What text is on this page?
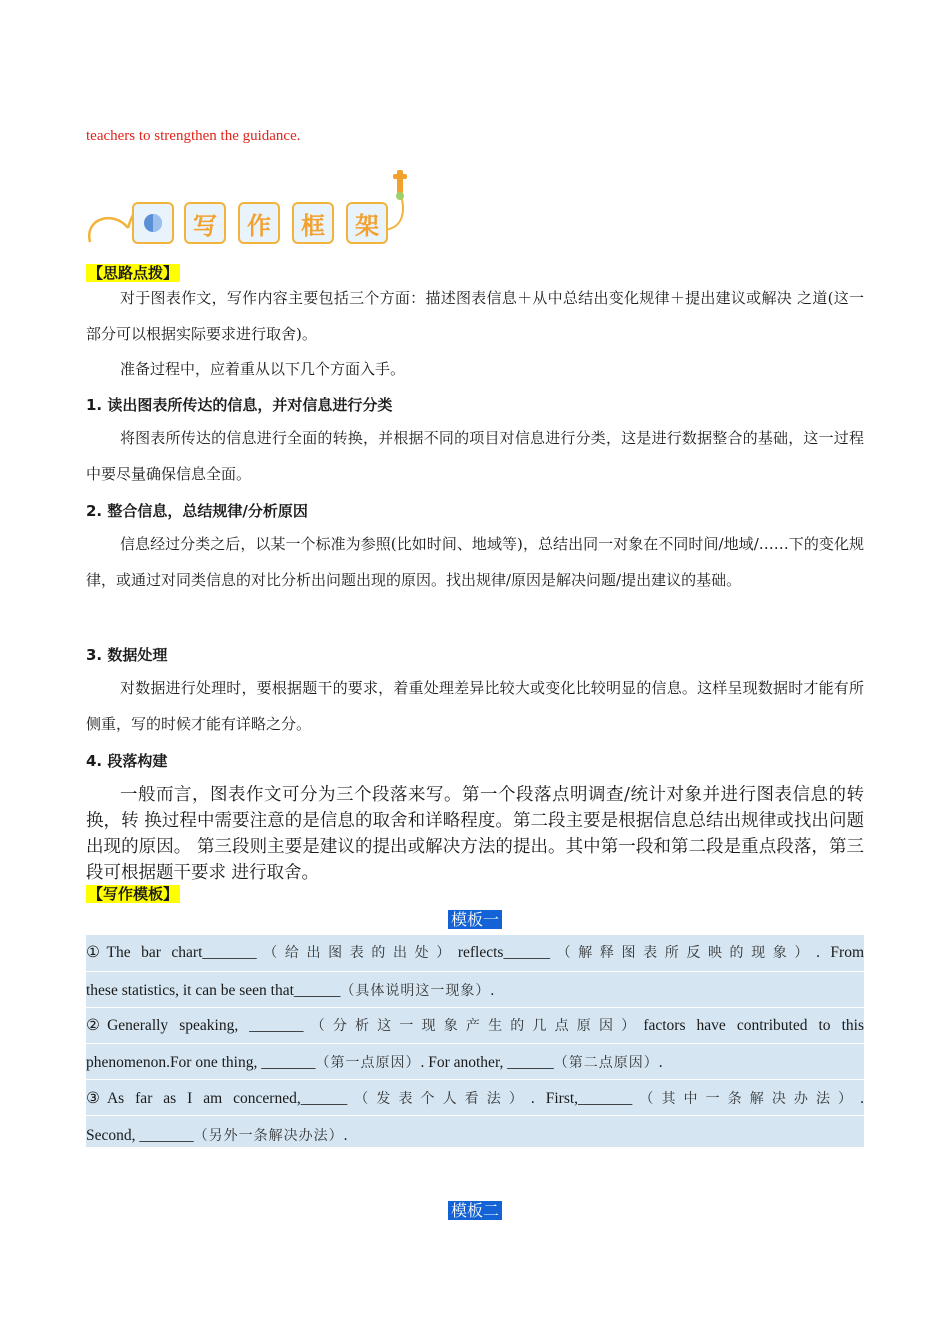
teachers to strengthen the guidance.
写	作	框	架
【思路点拨】
对于图表作文，写作内容主要包括三个方面：描述图表信息＋从中总结出变化规律＋提出建议或解决 之道(这一部分可以根据实际要求进行取舍)。
准备过程中，应着重从以下几个方面入手。
1. 读出图表所传达的信息，并对信息进行分类
将图表所传达的信息进行全面的转换，并根据不同的项目对信息进行分类，这是进行数据整合的基础，这一过程中要尽量确保信息全面。
2. 整合信息，总结规律/分析原因
信息经过分类之后，以某一个标准为参照(比如时间、地域等)，总结出同一对象在不同时间/地域/……下的变化规律，或通过对同类信息的对比分析出问题出现的原因。找出规律/原因是解决问题/提出建议的基础。
3. 数据处理
对数据进行处理时，要根据题干的要求，着重处理差异比较大或变化比较明显的信息。这样呈现数据时才能有所侧重，写的时候才能有详略之分。
4. 段落构建
一般而言，图表作文可分为三个段落来写。第一个段落点明调查/统计对象并进行图表信息的转换，转 换过程中需要注意的是信息的取舍和详略程度。第二段主要是根据信息总结出规律或找出问题出现的原因。 第三段则主要是建议的提出或解决方法的提出。其中第一段和第二段是重点段落，第三段可根据题干要求 进行取舍。
【写作模板】
模板一
①The bar chart_______（给出图表的出处）reflects______（解释图表所反映的现象）. From
these statistics, it can be seen that______（具体说明这一现象）.
②Generally speaking, _______（分析这一现象产生的几点原因）factors have contributed to this
phenomenon.For one thing, _______（第一点原因）. For another, ______（第二点原因）.
③As far as I am concerned,______（发表个人看法）. First,_______（其中一条解决办法）.
Second, _______（另外一条解决办法）.
模板二
